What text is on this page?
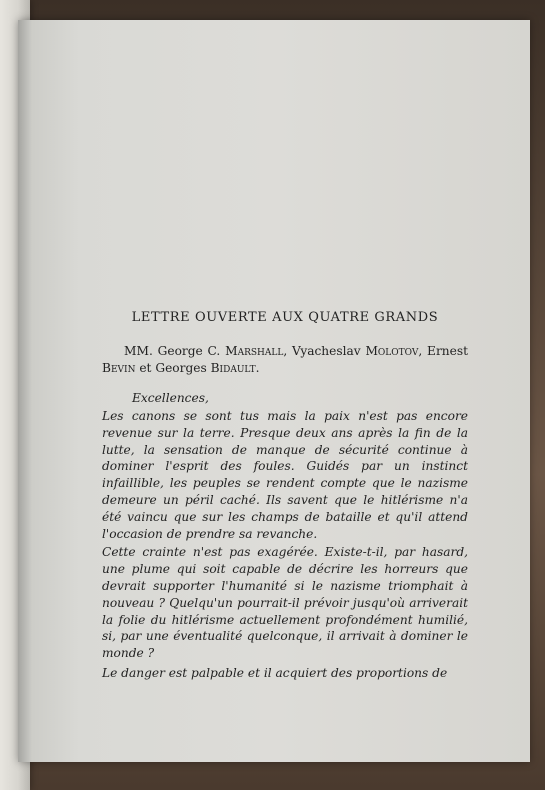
LETTRE OUVERTE AUX QUATRE GRANDS
MM. George C. Marshall, Vyacheslav Molotov, Ernest Bevin et Georges Bidault.
Excellences,

Les canons se sont tus mais la paix n'est pas encore revenue sur la terre. Presque deux ans après la fin de la lutte, la sensation de manque de sécurité continue à dominer l'esprit des foules. Guidés par un instinct infaillible, les peuples se rendent compte que le nazisme demeure un péril caché. Ils savent que le hitlérisme n'a été vaincu que sur les champs de bataille et qu'il attend l'occasion de prendre sa revanche.

Cette crainte n'est pas exagérée. Existe-t-il, par hasard, une plume qui soit capable de décrire les horreurs que devrait supporter l'humanité si le nazisme triomphait à nouveau ? Quelqu'un pourrait-il prévoir jusqu'où arriverait la folie du hitlérisme actuellement profondément humilié, si, par une éventualité quelconque, il arrivait à dominer le monde ?

Le danger est palpable et il acquiert des proportions de
